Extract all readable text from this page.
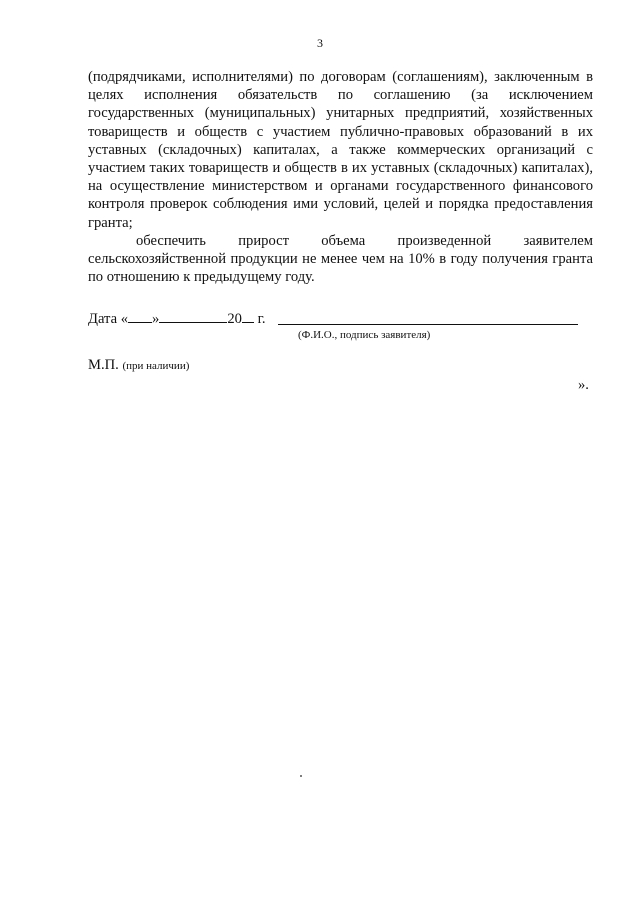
3

(подрядчиками, исполнителями) по договорам (соглашениям), заключенным в целях исполнения обязательств по соглашению (за исключением государственных (муниципальных) унитарных предприятий, хозяйственных товариществ и обществ с участием публично-правовых образований в их уставных (складочных) капиталах, а также коммерческих организаций с участием таких товариществ и обществ в их уставных (складочных) капиталах), на осуществление министерством и органами государственного финансового контроля проверок соблюдения ими условий, целей и порядка предоставления гранта;

обеспечить прирост объема произведенной заявителем сельскохозяйственной продукции не менее чем на 10% в году получения гранта по отношению к предыдущему году.

Дата « »	20 г.
(Ф.И.О., подпись заявителя)
М.П. (при наличии)
».
